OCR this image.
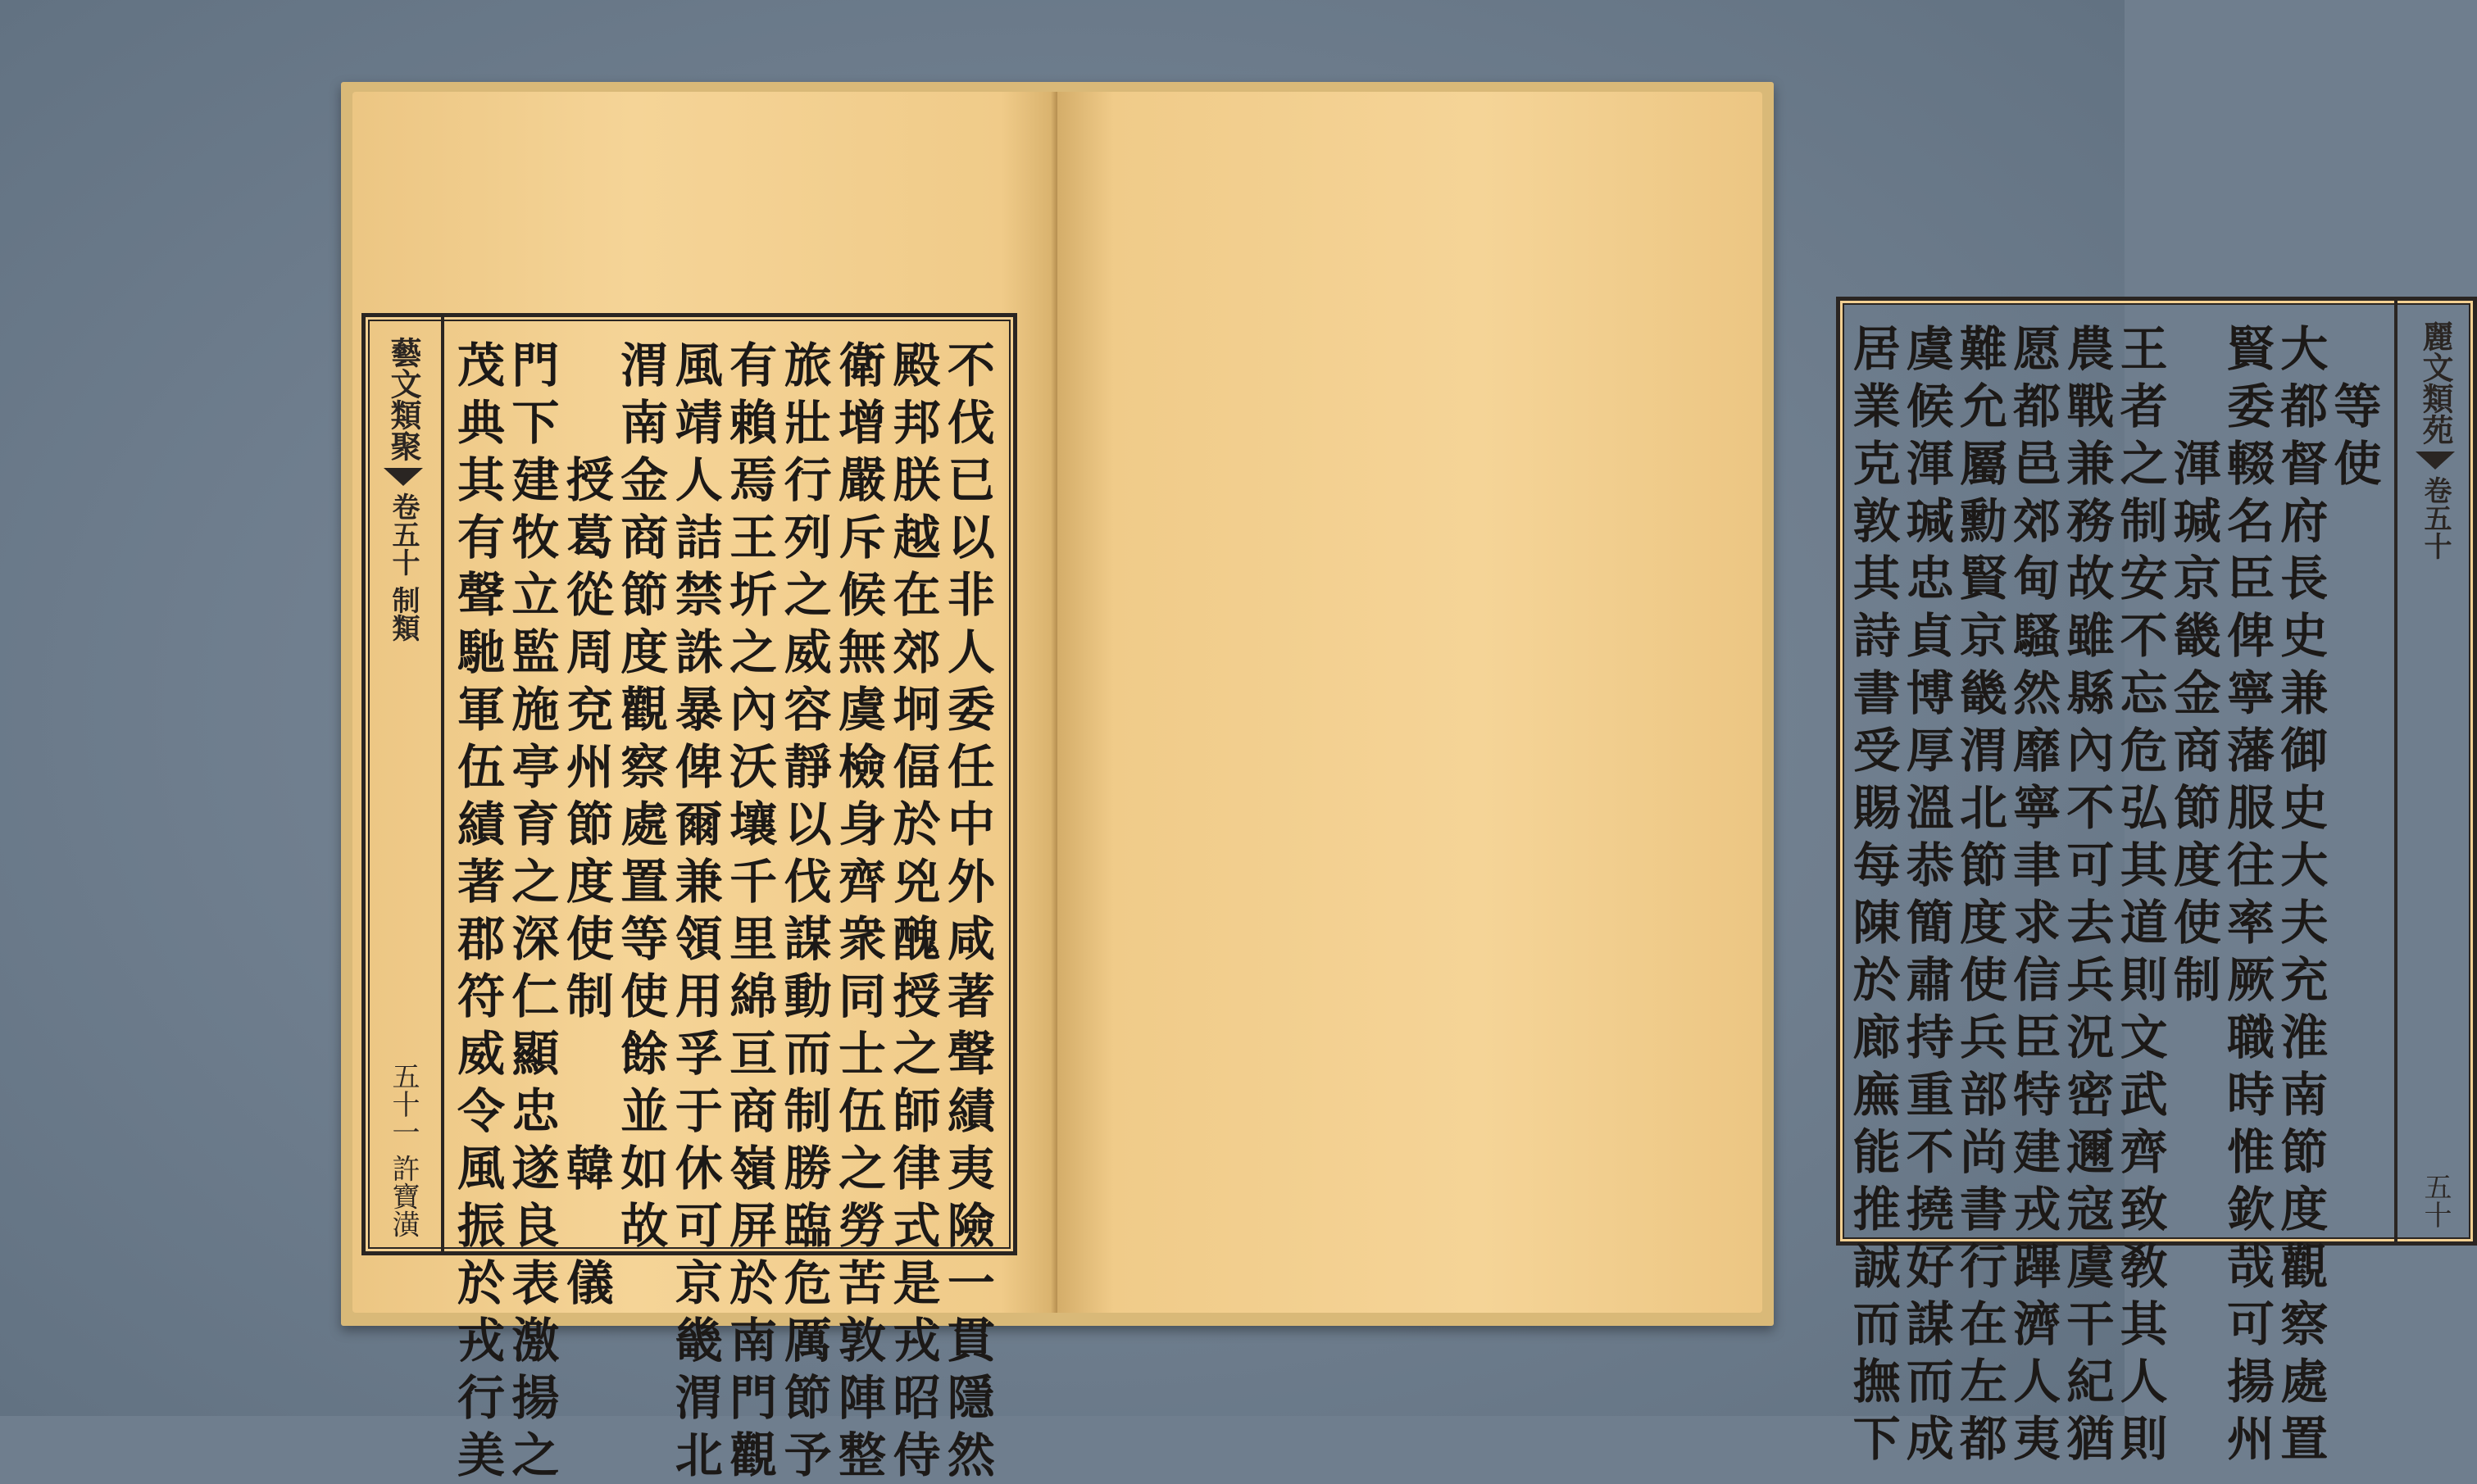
藝文類聚
卷五十 制類
五十一 許寶潢
不
伐
已
以
非
人
委
任
中
外
咸
著
聲
績
夷
險
一
貫
隱
然
殿
邦
朕
越
在
郊
坰
偪
於
兇
醜
授
之
師
律
式
是
戎
昭
侍
衛
增
嚴
斥
候
無
虞
檢
身
齊
衆
同
士
伍
之
勞
苦
敦
陣
整
旅
壯
行
列
之
威
容
靜
以
伐
謀
動
而
制
勝
臨
危
厲
節
予
有
賴
焉
王
圻
之
內
沃
壤
千
里
綿
亘
商
嶺
屏
於
南
門
觀
風
靖
人
詰
禁
誅
暴
俾
爾
兼
領
用
孚
于
休
可
京
畿
渭
北
渭
南
金
商
節
度
觀
察
處
置
等
使
餘
並
如
故
授
葛
從
周
兗
州
節
度
使
制

韓

儀
門
下
建
牧
立
監
施
亭
育
之
深
仁
顯
忠
遂
良
表
激
揚
之
茂
典
其
有
聲
馳
軍
伍
績
著
郡
符
威
令
風
振
於
戎
行
美
麗文類苑
卷五十
五十
等
使
大
都
督
府
長
史
兼
御
史
大
夫
充
淮
南
節
度
觀
察
處
置
賢
委
輟
名
臣
俾
寧
藩
服
往
率
厥
職
時
惟
欽
哉
可
揚
州
渾
瑊
京
畿
金
商
節
度
使
制
王
者
之
制
安
不
忘
危
弘
其
道
則
文
武
齊
致
敎
其
人
則
農
戰
兼
務
故
雖
縣
內
不
可
去
兵
況
密
邇
寇
虞
干
紀
猶
愿
都
邑
郊
甸
騷
然
靡
寧
聿
求
信
臣
特
建
戎
蹕
濟
人
夷
難
允
屬
勳
賢
京
畿
渭
北
節
度
使
兵
部
尚
書
行
在
左
都
虞
候
渾
瑊
忠
貞
博
厚
溫
恭
簡
肅
持
重
不
撓
好
謀
而
成
居
業
克
敦
其
詩
書
受
賜
每
陳
於
廊
廡
能
推
誠
而
撫
下
